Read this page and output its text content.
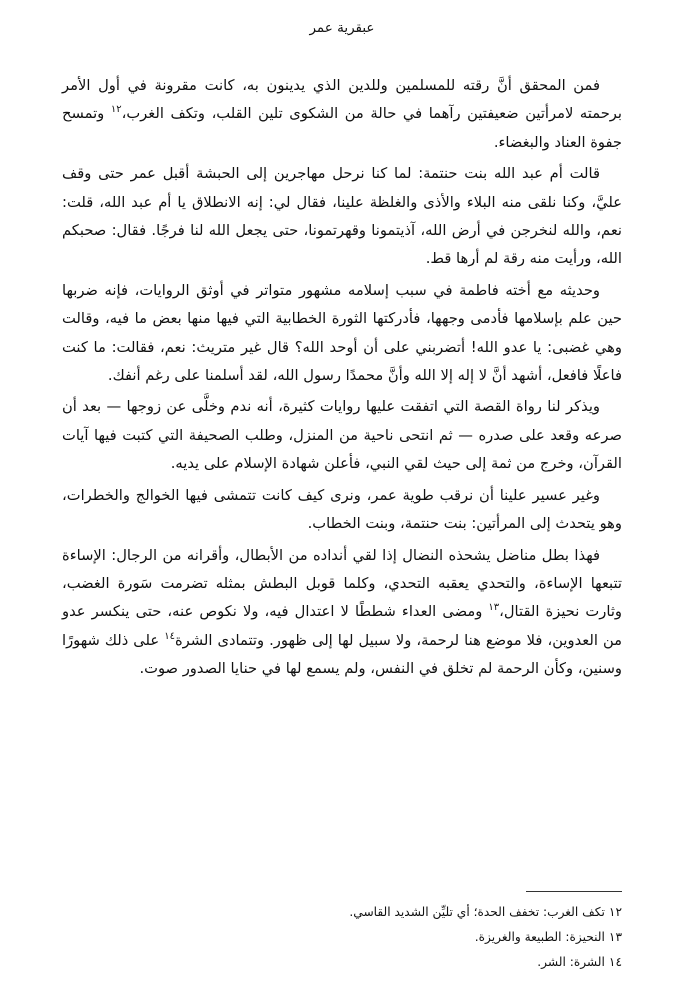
عبقرية عمر

فمن المحقق أنَّ رقته للمسلمين وللدين الذي يدينون به، كانت مقرونة في أول الأمر برحمته لامرأتين ضعيفتين رآهما في حالة من الشكوى تلين القلب، وتكف الغرب،$^{١٢}$ وتمسح جفوة العناد والبغضاء.

قالت أم عبد الله بنت حنتمة: لما كنا نرحل مهاجرين إلى الحبشة أقبل عمر حتى وقف عليَّ، وكنا نلقى منه البلاء والأذى والغلظة علينا، فقال لي: إنه الانطلاق يا أم عبد الله، قلت: نعم، والله لنخرجن في أرض الله، آذيتمونا وقهرتمونا، حتى يجعل الله لنا فرجًا. فقال: صحبكم الله، ورأيت منه رقة لم أرها قط.

وحديثه مع أخته فاطمة في سبب إسلامه مشهور متواتر في أوثق الروايات، فإنه ضربها حين علم بإسلامها فأدمى وجهها، فأدركتها الثورة الخطابية التي فيها منها بعض ما فيه، وقالت وهي غضبى: يا عدو الله! أتضربني على أن أوحد الله؟ قال غير متريث: نعم، فقالت: ما كنت فاعلًا فافعل، أشهد أنَّ لا إله إلا الله وأنَّ محمدًا رسول الله، لقد أسلمنا على رغم أنفك.

ويذكر لنا رواة القصة التي اتفقت عليها روايات كثيرة، أنه ندم وخلَّى عن زوجها — بعد أن صرعه وقعد على صدره — ثم انتحى ناحية من المنزل، وطلب الصحيفة التي كتبت فيها آيات القرآن، وخرج من ثمة إلى حيث لقي النبي، فأعلن شهادة الإسلام على يديه.

وغير عسير علينا أن نرقب طوية عمر، ونرى كيف كانت تتمشى فيها الخوالج والخطرات، وهو يتحدث إلى المرأتين: بنت حنتمة، وبنت الخطاب.

فهذا بطل مناضل يشحذه النضال إذا لقي أنداده من الأبطال، وأقرانه من الرجال: الإساءة تتبعها الإساءة، والتحدي يعقبه التحدي، وكلما قوبل البطش بمثله تضرمت سَورة الغضب، وثارت نحيزة القتال،$^{١٣}$ ومضى العداء شططًا لا اعتدال فيه، ولا نكوص عنه، حتى ينكسر عدو من العدوين، فلا موضع هنا لرحمة، ولا سبيل لها إلى ظهور. وتتمادى الشرة$^{١٤}$ على ذلك شهورًا وسنين، وكأن الرحمة لم تخلق في النفس، ولم يسمع لها في حنايا الصدور صوت.

١٢تكف الغرب: تخفف الحدة؛ أي تليِّن الشديد القاسي.

١٣النحيزة: الطبيعة والغريزة.

١٤الشرة: الشر.
